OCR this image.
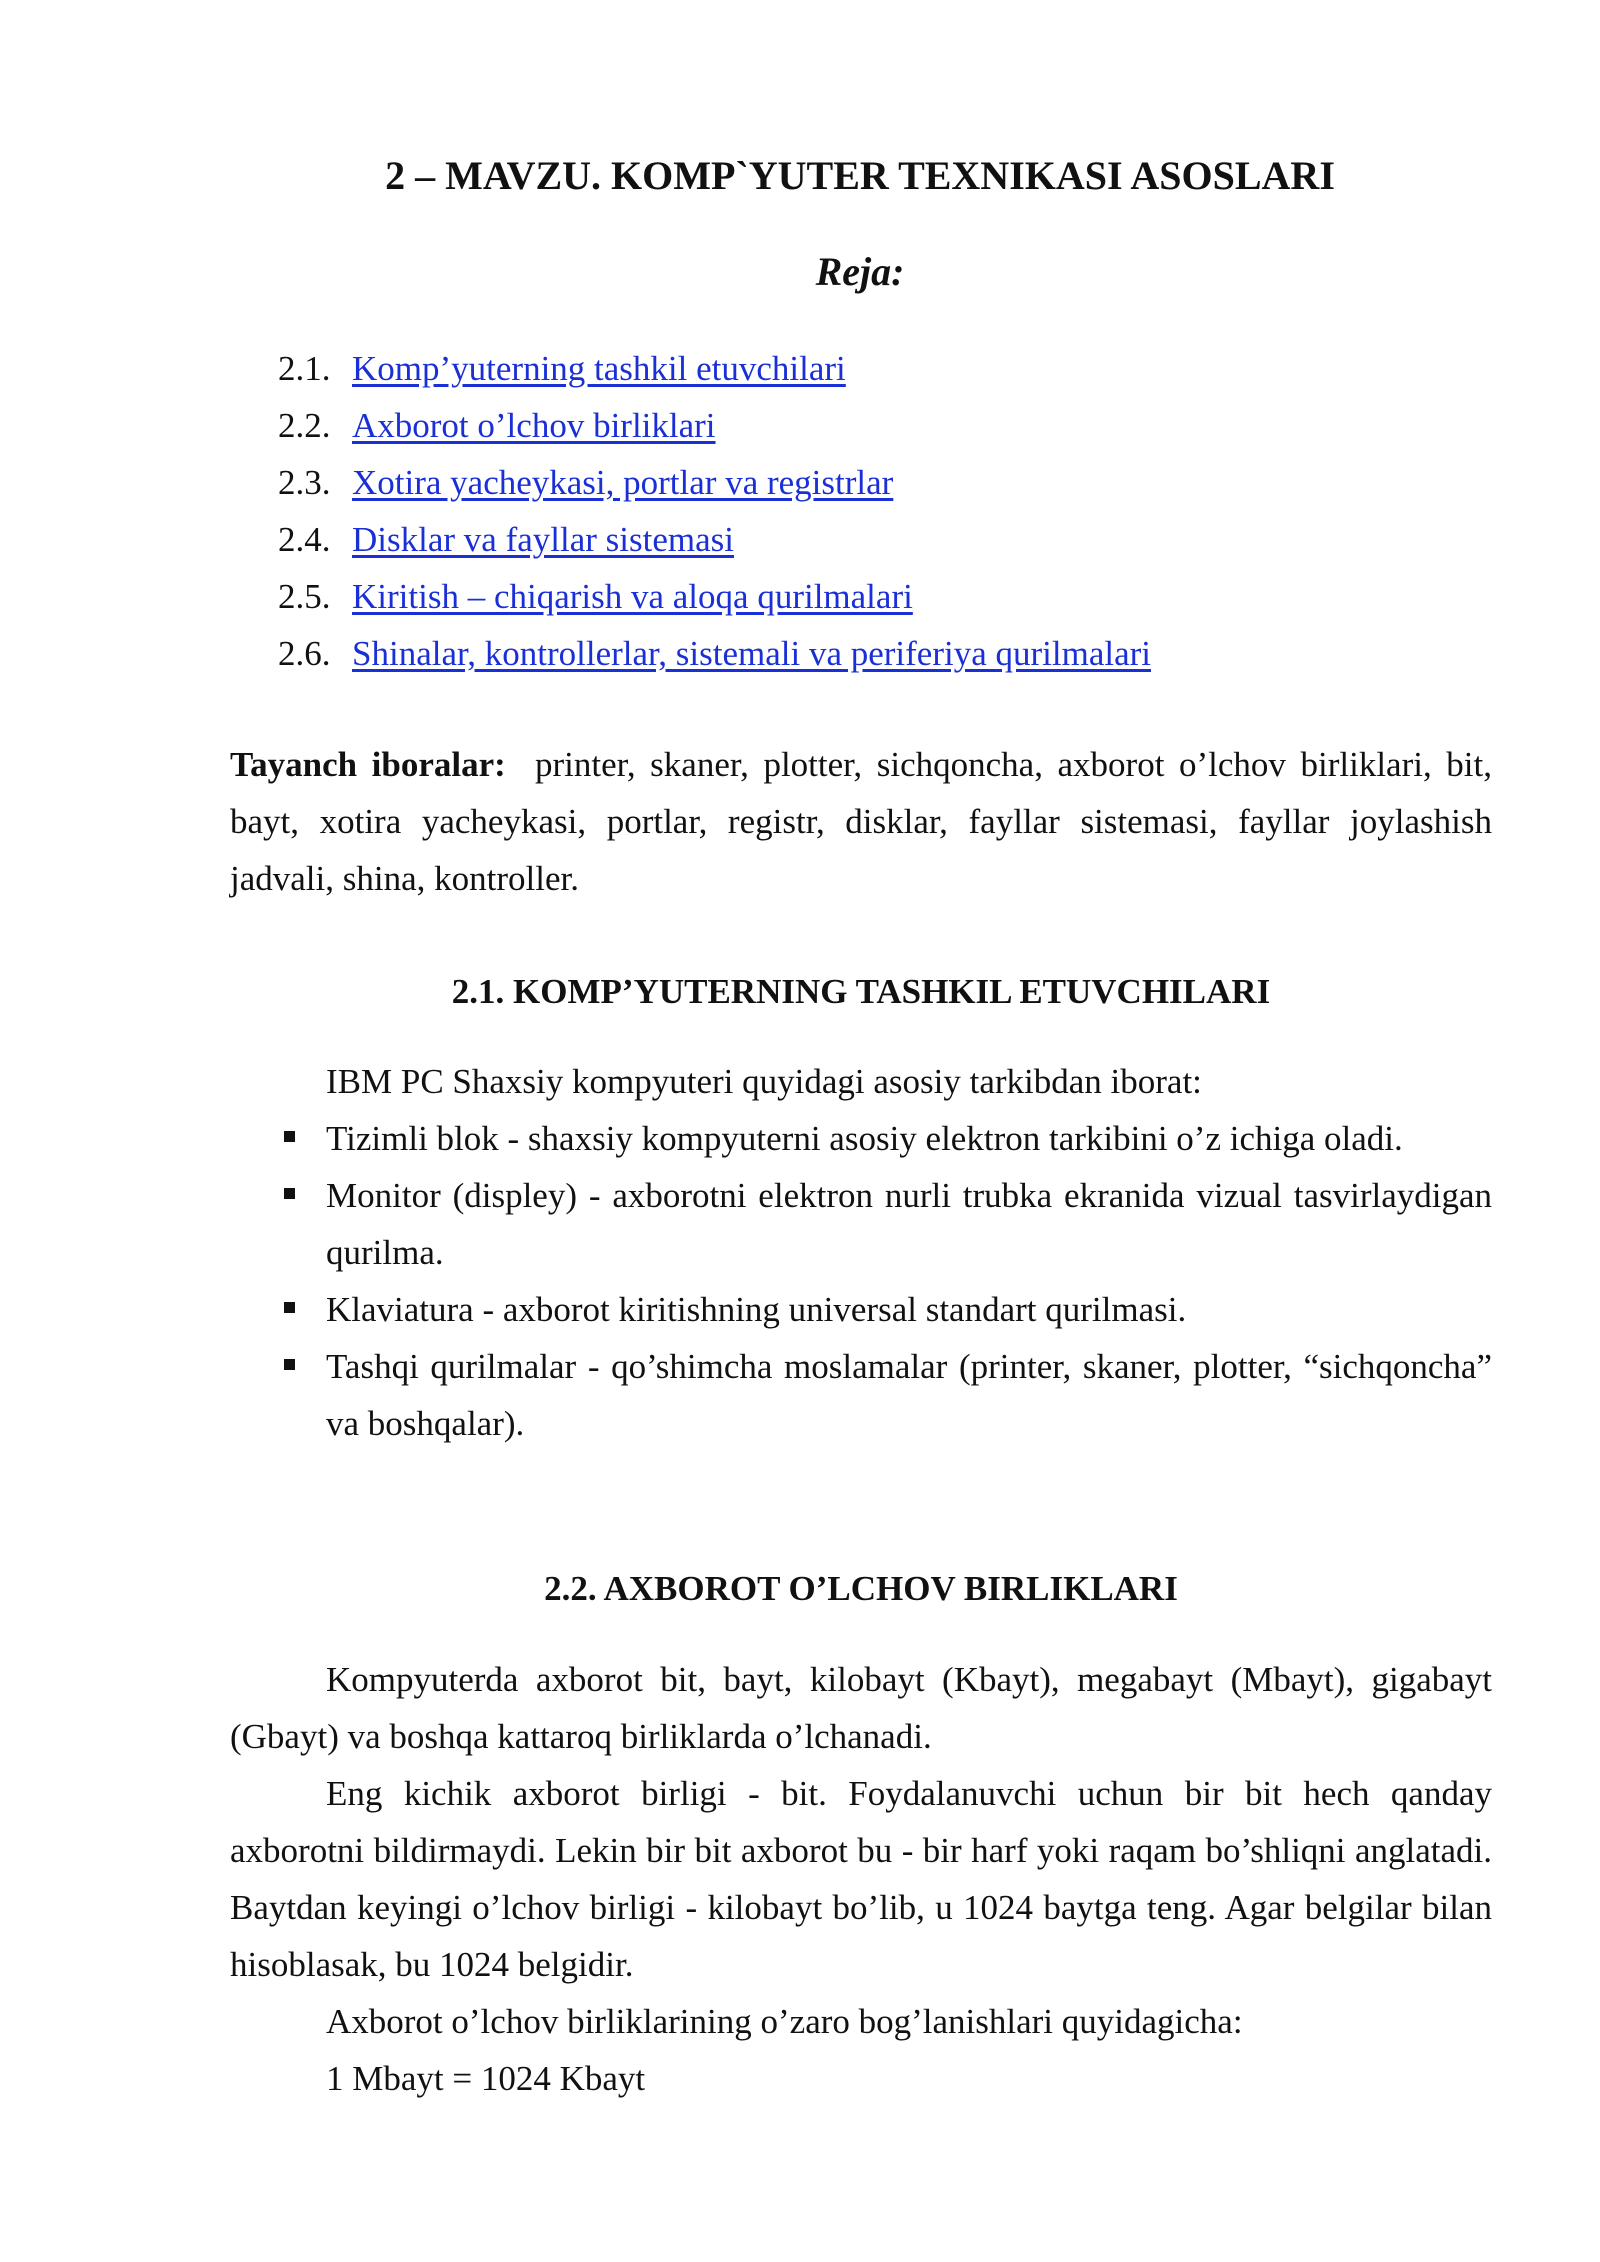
2 – MAVZU. KOMP`YUTER TEXNIKASI ASOSLARI
Reja:
2.1. Komp’yuterning tashkil etuvchilari
2.2. Axborot o’lchov birliklari
2.3. Xotira yacheykasi, portlar va registrlar
2.4. Disklar va fayllar sistemasi
2.5. Kiritish – chiqarish va aloqa qurilmalari
2.6. Shinalar, kontrollerlar, sistemali va periferiya qurilmalari

Tayanch iboralar: printer, skaner, plotter, sichqoncha, axborot o’lchov birliklari, bit, bayt, xotira yacheykasi, portlar, registr, disklar, fayllar sistemasi, fayllar joylashish jadvali, shina, kontroller.

2.1. KOMP’YUTERNING TASHKIL ETUVCHILARI

IBM PC Shaxsiy kompyuteri quyidagi asosiy tarkibdan iborat:

Tizimli blok - shaxsiy kompyuterni asosiy elektron tarkibini o’z ichiga oladi.
Monitor (displey) - axborotni elektron nurli trubka ekranida vizual tasvirlaydigan qurilma.
Klaviatura - axborot kiritishning universal standart qurilmasi.
Tashqi qurilmalar - qo’shimcha moslamalar (printer, skaner, plotter, “sichqoncha” va boshqalar).
2.2. AXBOROT O’LCHOV BIRLIKLARI

Kompyuterda axborot bit, bayt, kilobayt (Kbayt), megabayt (Mbayt), gigabayt (Gbayt) va boshqa kattaroq birliklarda o’lchanadi.

Eng kichik axborot birligi - bit. Foydalanuvchi uchun bir bit hech qanday axborotni bildirmaydi. Lekin bir bit axborot bu - bir harf yoki raqam bo’shliqni anglatadi. Baytdan keyingi o’lchov birligi - kilobayt bo’lib, u 1024 baytga teng. Agar belgilar bilan hisoblasak, bu 1024 belgidir.

Axborot o’lchov birliklarining o’zaro bog’lanishlari quyidagicha:

1 Mbayt = 1024 Kbayt
